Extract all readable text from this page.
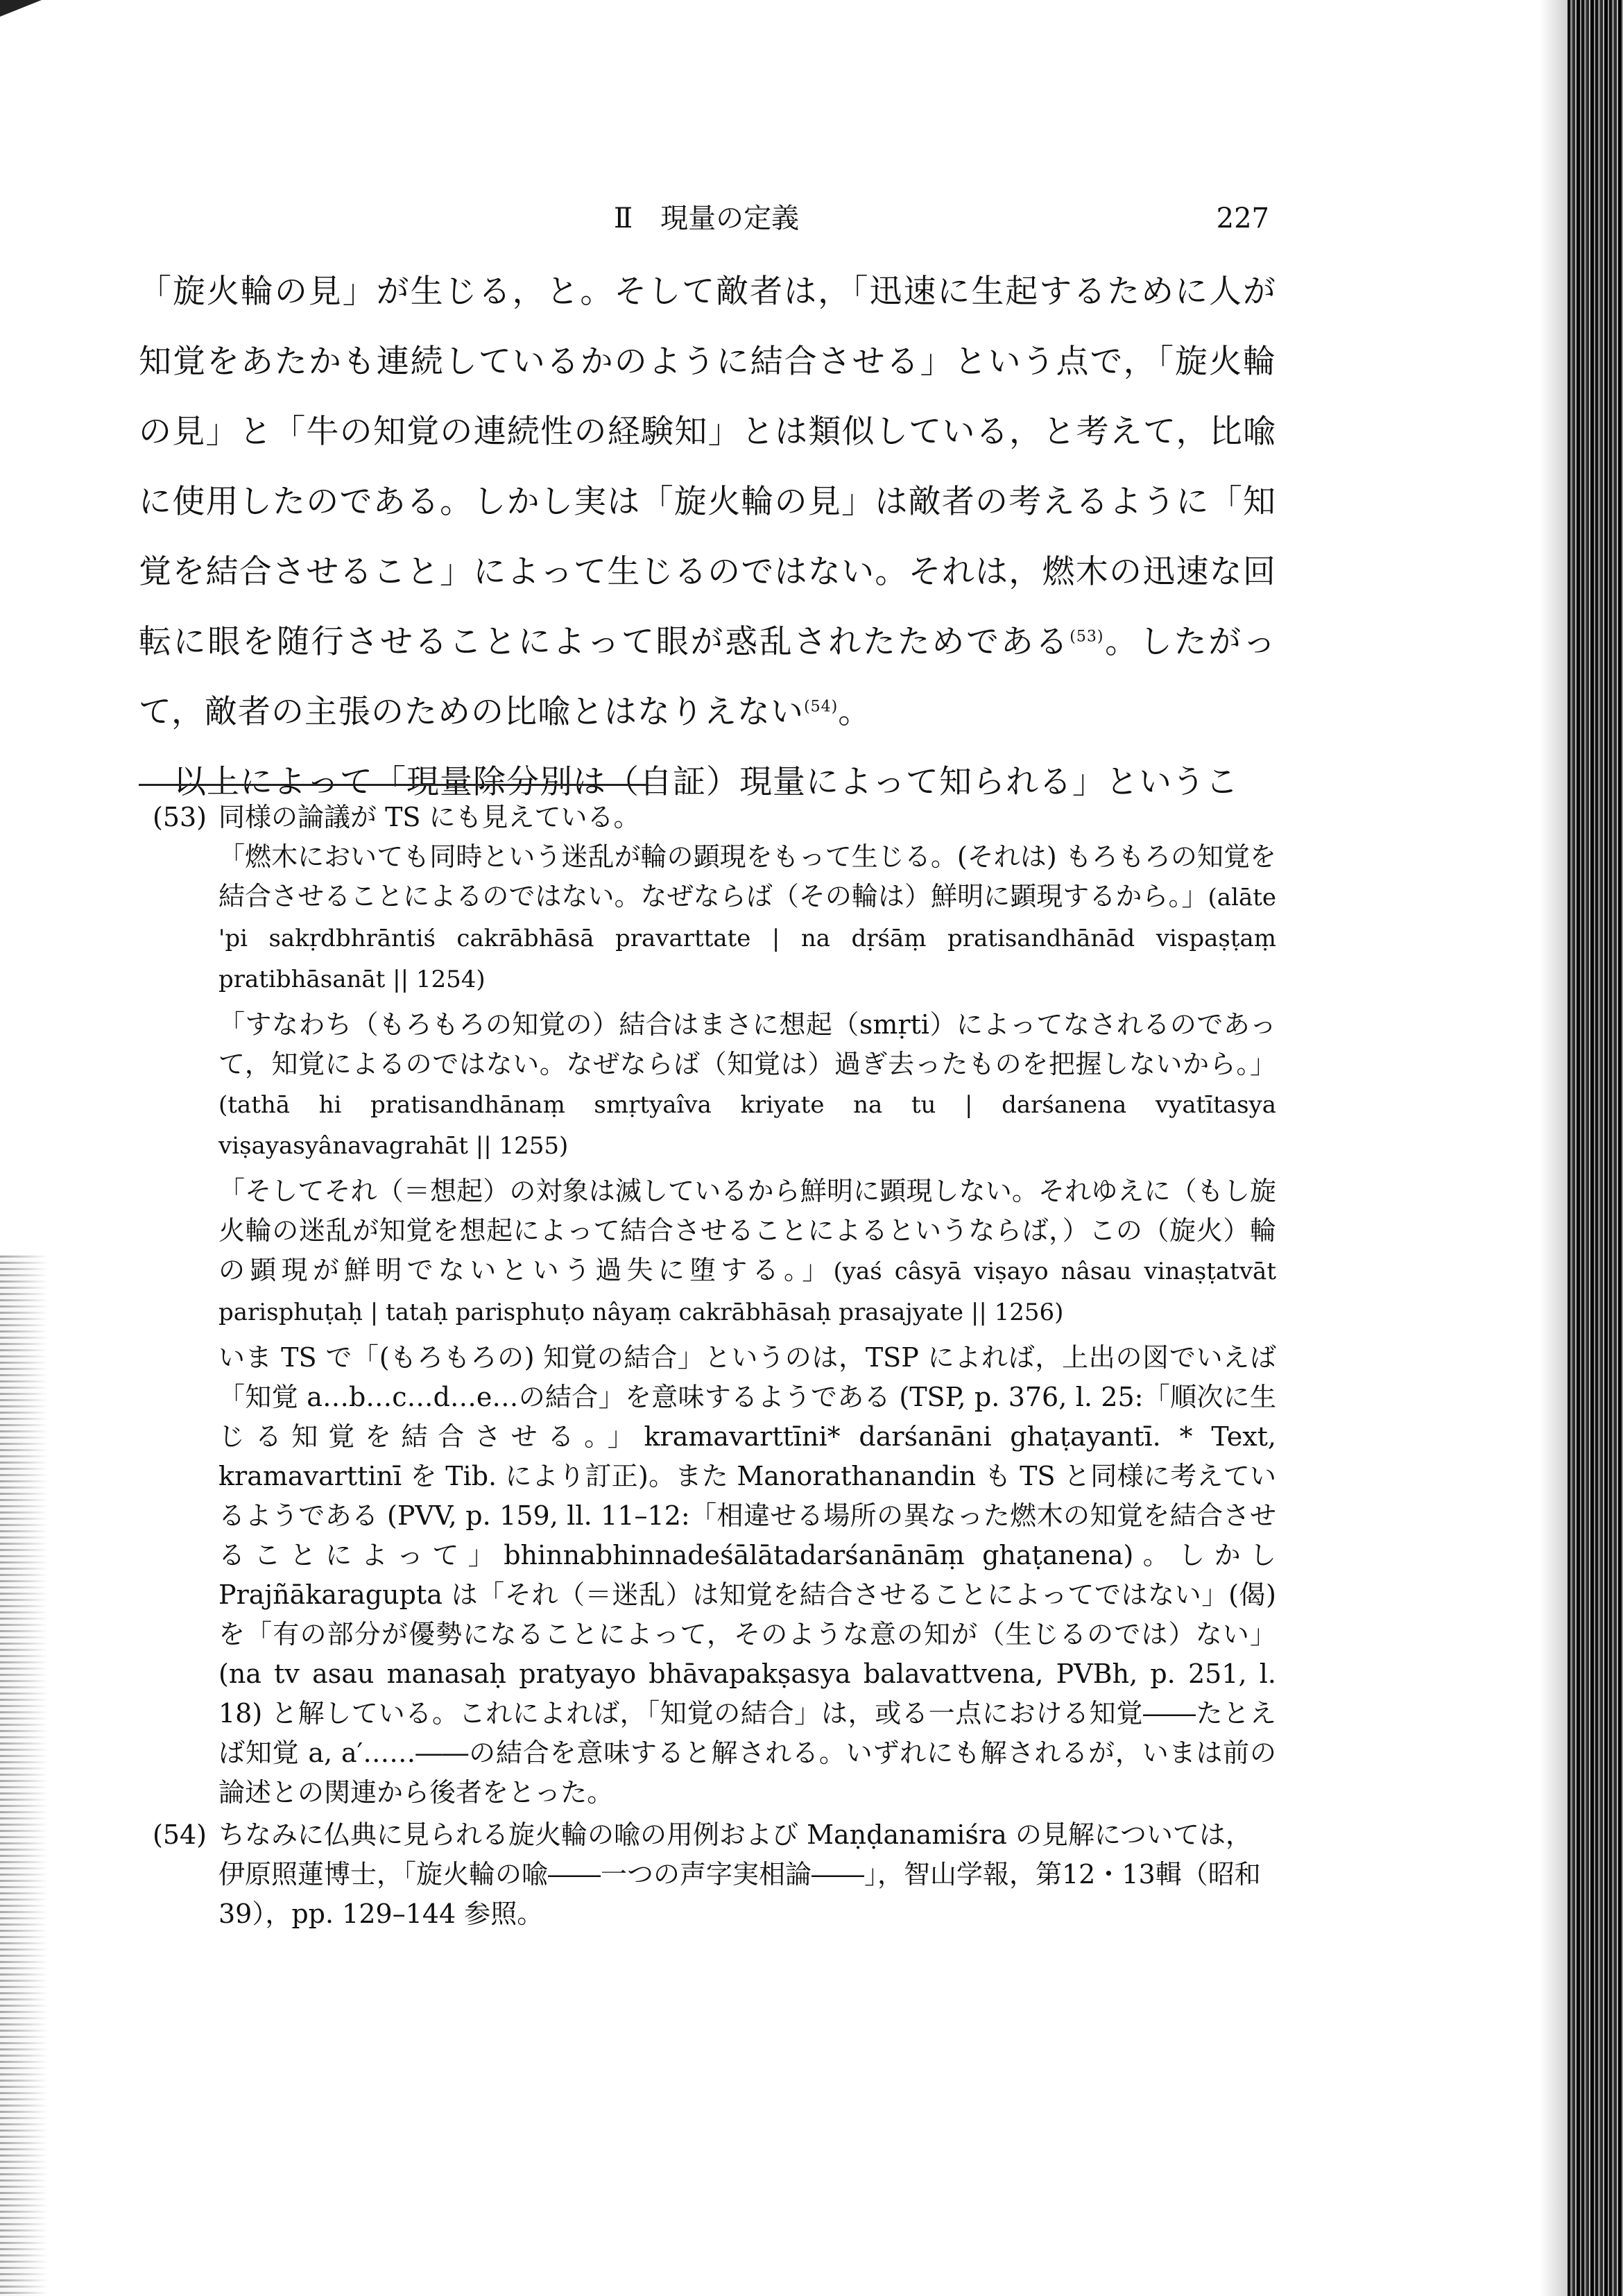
Ⅱ　現量の定義	227

「旋火輪の見」が生じる，と。そして敵者は，「迅速に生起するために人が知覚をあたかも連続しているかのように結合させる」という点で，「旋火輪の見」と「牛の知覚の連続性の経験知」とは類似している，と考えて，比喩に使用したのである。しかし実は「旋火輪の見」は敵者の考えるように「知覚を結合させること」によって生じるのではない。それは，燃木の迅速な回転に眼を随行させることによって眼が惑乱されたためである$^{(53)}$。したがって，敵者の主張のための比喩とはなりえない$^{(54)}$。

以上によって「現量除分別は（自証）現量によって知られる」というこ

(53) 同様の論議が TS にも見えている。

「燃木においても同時という迷乱が輪の顕現をもって生じる。(それは) もろもろの知覚を結合させることによるのではない。なぜならば（その輪は）鮮明に顕現するから。」(alāte 'pi sakṛdbhrāntiś cakrābhāsā pravarttate | na dṛśāṃ pratisandhānād vispaṣṭaṃ pratibhāsanāt || 1254)

「すなわち（もろもろの知覚の）結合はまさに想起（smṛti）によってなされるのであって，知覚によるのではない。なぜならば（知覚は）過ぎ去ったものを把握しないから。」(tathā hi pratisandhānaṃ smṛtyaîva kriyate na tu | darśanena vyatītasya viṣayasyânavagrahāt || 1255)

「そしてそれ（＝想起）の対象は滅しているから鮮明に顕現しない。それゆえに（もし旋火輪の迷乱が知覚を想起によって結合させることによるというならば，）この（旋火）輪の顕現が鮮明でないという過失に堕する。」(yaś câsyā viṣayo nâsau vinaṣṭatvāt parisphuṭaḥ | tataḥ parisphuṭo nâyaṃ cakrābhāsaḥ prasajyate || 1256)

いま TS で「(もろもろの) 知覚の結合」というのは，TSP によれば，上出の図でいえば「知覚 a…b…c…d…e…の結合」を意味するようである (TSP, p. 376, l. 25:「順次に生じる知覚を結合させる。」kramavarttīni* darśanāni ghaṭayantī. * Text, kramavarttinī を Tib. により訂正)。また Manorathanandin も TS と同様に考えているようである (PVV, p. 159, ll. 11–12:「相違せる場所の異なった燃木の知覚を結合させることによって」bhinnabhinnadeśālātadarśanānāṃ ghaṭanena)。しかし Prajñākaragupta は「それ（＝迷乱）は知覚を結合させることによってではない」(偈)を「有の部分が優勢になることによって，そのような意の知が（生じるのでは）ない」(na tv asau manasaḥ pratyayo bhāvapakṣasya balavattvena, PVBh, p. 251, l. 18) と解している。これによれば，「知覚の結合」は，或る一点における知覚――たとえば知覚 a, a′……――の結合を意味すると解される。いずれにも解されるが，いまは前の論述との関連から後者をとった。

(54) ちなみに仏典に見られる旋火輪の喩の用例および Maṇḍanamiśra の見解については，伊原照蓮博士，「旋火輪の喩――一つの声字実相論――」，智山学報，第12・13輯（昭和39），pp. 129–144 参照。
